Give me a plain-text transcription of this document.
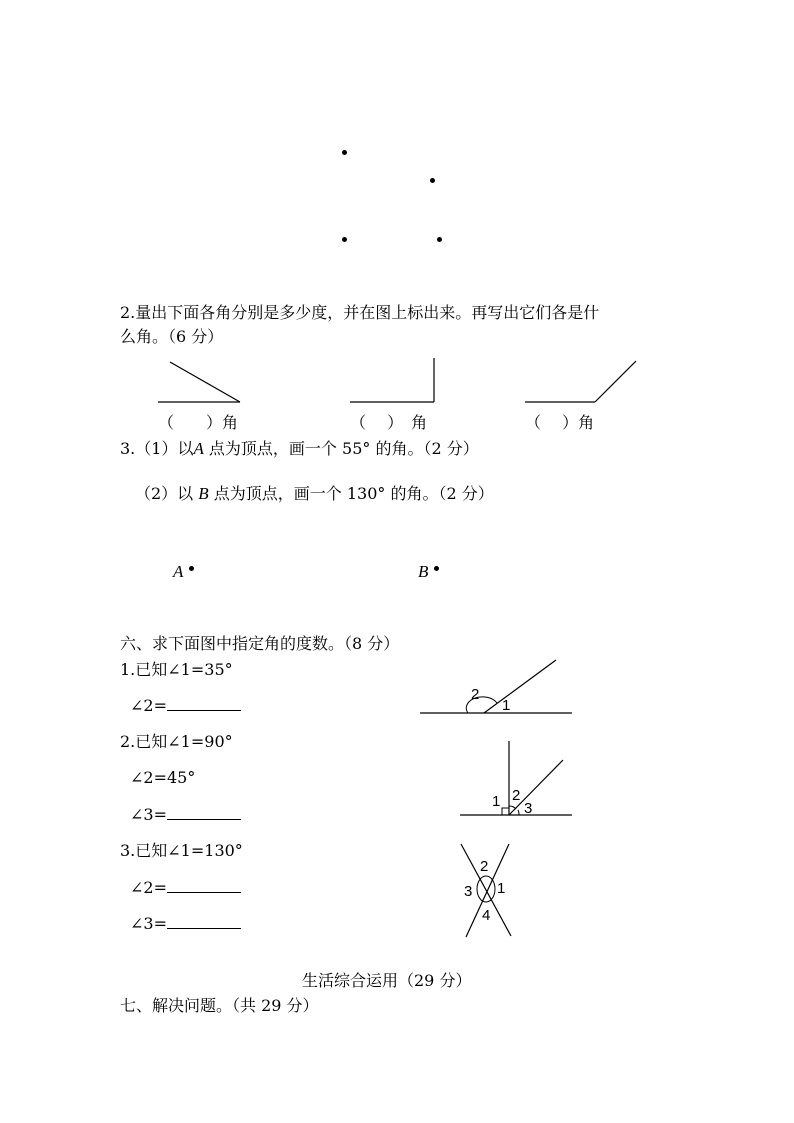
2.量出下面各角分别是多少度，并在图上标出来。再写出它们各是什
么角。（6 分）
（　　）角	（　 ）　角	（　 ）角
3.（1）以A 点为顶点，画一个 55° 的角。（2 分）
（2）以 B 点为顶点，画一个 130° 的角。（2 分）
A	B
六、求下面图中指定角的度数。（8 分）
1.已知∠1=35°
∠2=
2.已知∠1=90°
∠2=45°
∠3=
3.已知∠1=130°
∠2=
∠3=
2
1
1 2
3
2
3 1
4
生活综合运用（29 分）
七、解决问题。（共 29 分）
